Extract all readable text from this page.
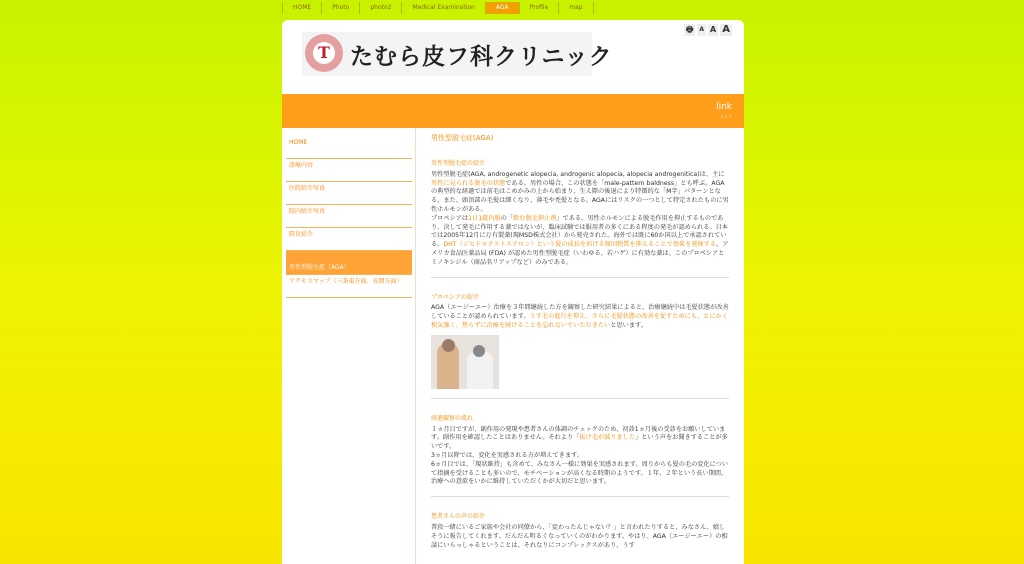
HOME	Photo	photo2	Medical Examination	AGA	Profile	map
T たむら皮フ科クリニック
🖶	A A A
link
リンク
HOME
診療内容
医院紹介写真
院内紹介写真
院長紹介
男性型脱毛症（AGA）
アクセスマップ（三条東方面、長岡方面）
男性型脱毛症(AGA)
男性型脱毛症の紹介

男性型脱毛症(AGA, androgenetic alopecia, androgenic alopecia, alopecia androgenitica)は、主に男性に見られる脱毛の状態である。男性の場合、この状態を「male-pattern baldness」とも呼ぶ。AGAの典型的な経過では前毛はこめかみの上から始まり、生え際の後退により特徴的な「M字」パターンとなる。また、頭頂部の毛髪は細くなり、薄毛や禿髪となる。AGAにはリスクの一つとして特定されたものに男性ホルモンがある。

プロペシアは1日1錠内服の「飲む脱毛抑止剤」である。男性ホルモンによる脱毛作用を抑止するものであり、決して発毛に作用する薬ではないが、臨床試験では服用者の多くにある程度の発毛が認められる。日本では2005年12月に万有製薬(現MSD株式会社）から発売された。海外では既に60か国以上で承認されている。DHT（ジヒドロテストステロン）という髪の成長を妨げる原因物質を抑えることで効果を発揮する。アメリカ食品医薬品局 (FDA) が認めた男性型脱毛症（いわゆる、若ハゲ）に有効な薬は、このプロペシアとミノキシジル（商品名リアップなど）のみである。

プロペシアの紹介

AGA（エージーエー）治療を３年間継続した方を観察した研究結果によると、治療継続中は毛髪状態が改善していることが認められています。うす毛の進行を抑え、さらに毛髪状態の改善を促すためにも、とにかく根気強く、焦らずに治療を続けることを忘れないでいただきたいと思います。

経過観察の流れ

１ヵ月目ですが、副作用の発現や患者さんの体調のチェックのため、初診1ヵ月後の受診をお願いしています。副作用を確認したことはありません。それより「抜け毛が減りました」という声をお聞きすることが多いです。

3ヵ月以降では、変化を実感される方が増えてきます。

6ヵ月目では、「現状維持」も含めて、みなさん一様に効果を実感されます。周りからも髪の毛の変化について指摘を受けることも多いので、モチベーションが高くなる時期のようです。１年、２年という長い期間、治療への意欲をいかに維持していただくかが大切だと思います。

患者さんの声の紹介

普段一緒にいるご家族や会社の同僚から、「変わったんじゃない？」と言われたりすると、みなさん、嬉しそうに報告してくれます。だんだん明るくなっていくのがわかります。やはり、AGA（エージーエー）の相談にいらっしゃるということは、それなりにコンプレックスがあり、うす
